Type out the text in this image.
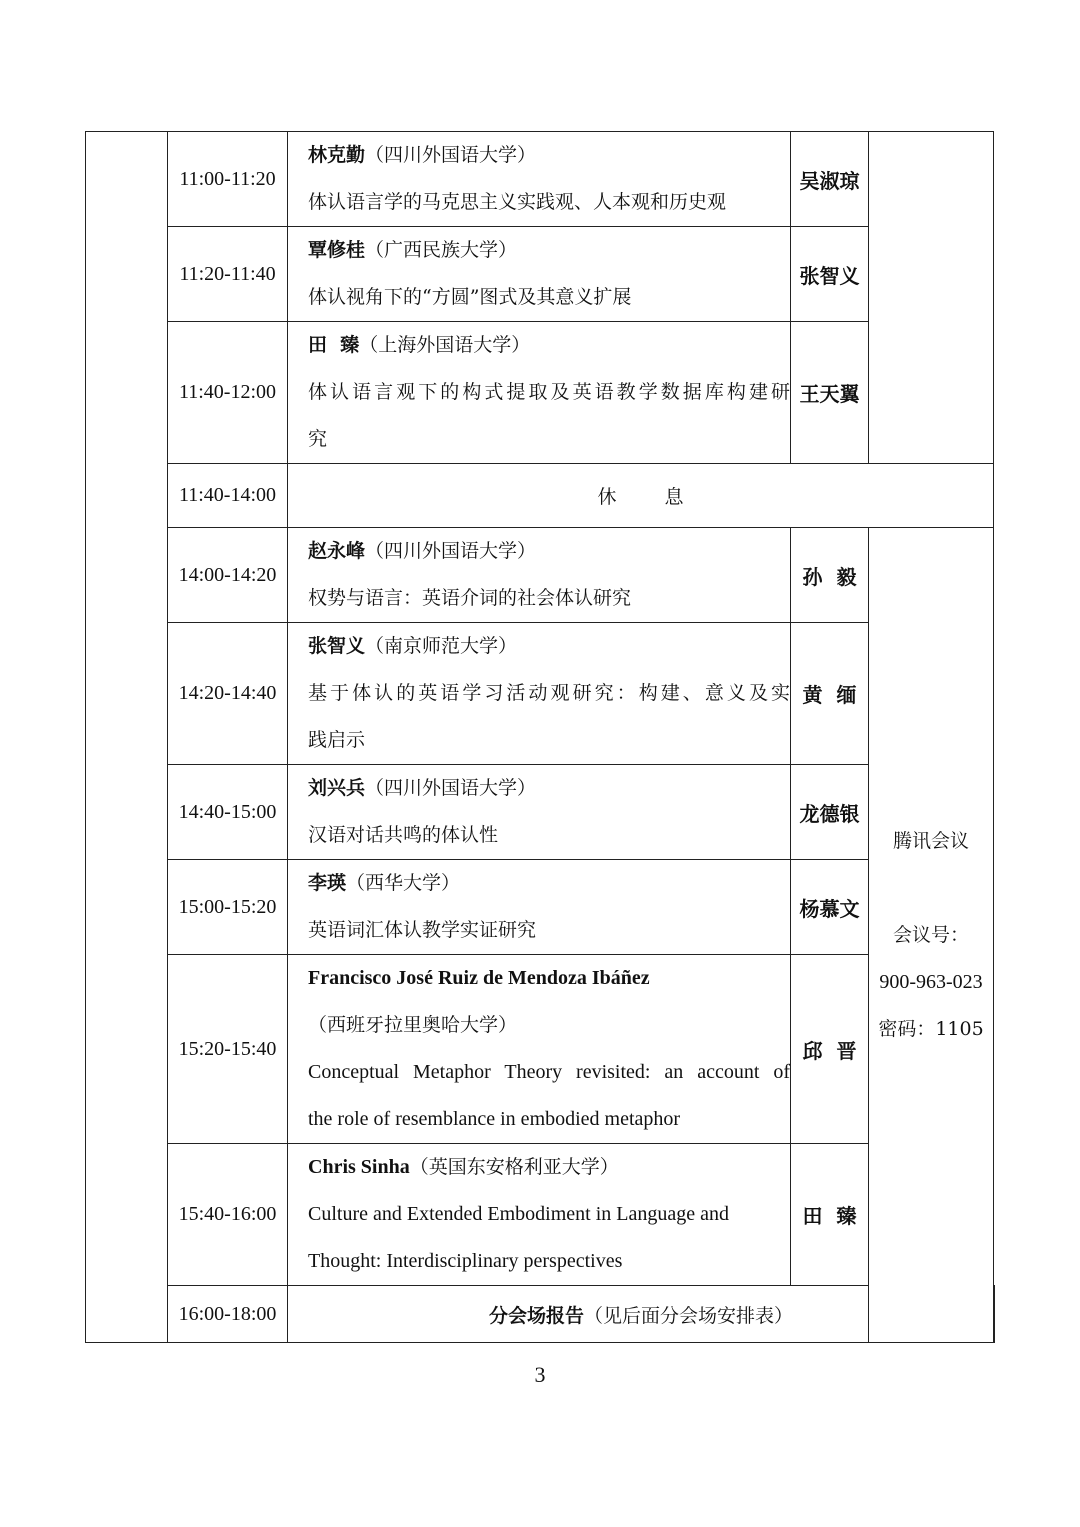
	11:00-11:20	林克勤（四川外国语大学）
体认语言学的马克思主义实践观、人本观和历史观	吴淑琼	
	11:20-11:40	覃修桂（广西民族大学）
体认视角下的“方圆”图式及其意义扩展	张智义	
	11:40-12:00	田  臻（上海外国语大学）
体认语言观下的构式提取及英语教学数据库构建研
究	王天翼	
	11:40-14:00	休息		
	14:00-14:20	赵永峰（四川外国语大学）
权势与语言：英语介词的社会体认研究	孙  毅	腾讯会议
会议号：
900-963-023
密码：1105

	14:20-14:40	张智义（南京师范大学）
基于体认的英语学习活动观研究：构建、意义及实
践启示	黄  缅	
	14:40-15:00	刘兴兵（四川外国语大学）
汉语对话共鸣的体认性	龙德银	
	15:00-15:20	李瑛（西华大学）
英语词汇体认教学实证研究	杨慕文	
	15:20-15:40	Francisco José Ruiz de Mendoza Ibáñez
（西班牙拉里奥哈大学）
Conceptual Metaphor Theory revisited: an account of
the role of resemblance in embodied metaphor	邱  晋	
	15:40-16:00	Chris Sinha（英国东安格利亚大学）
Culture and Extended Embodiment in Language and
Thought: Interdisciplinary perspectives	田  臻	
	16:00-18:00	分会场报告（见后面分会场安排表）		
3
